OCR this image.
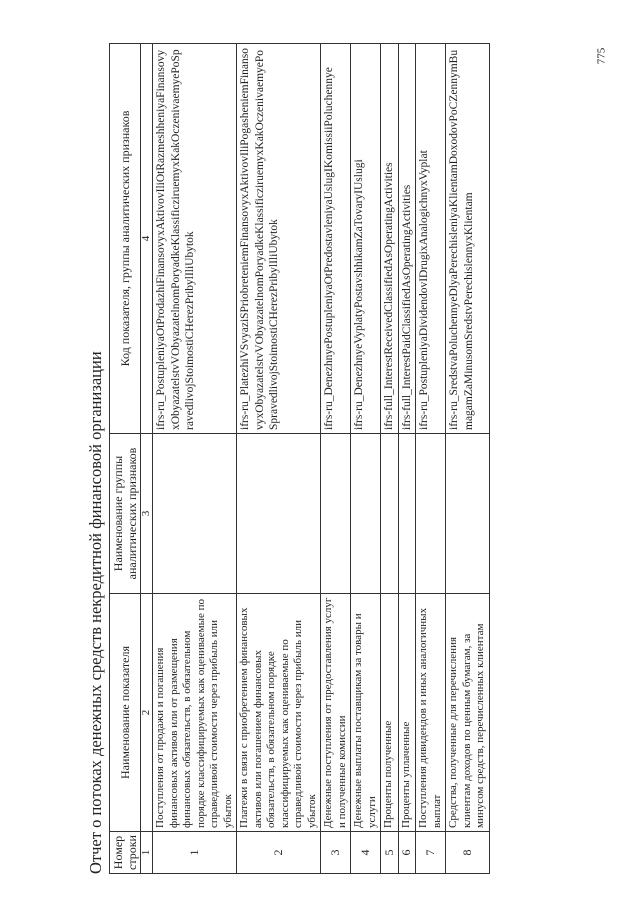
Отчет о потоках денежных средств некредитной финансовой организации Номер строки	Наименование показателя	Наименование группы аналитических признаков	Код показателя, группы аналитических признаков
1	2	3	4
1	Поступления от продажи и погашения финансовых активов или от размещения финансовых обязательств, в обязательном порядке классифицируемых как оцениваемые по справедливой стоимости через прибыль или убыток		ifrs-ru_PostupleniyaOtProdazhiFinansovyxAktivovIliOtRazmeshheniyaFinansovyxObyazatelstvVObyazatelnomPoryadkeKlassificziruemyxKakOczenivaemyePoSpravedlivojStoimostiCHerezPribylIliUbytok
2	Платежи в связи с приобретением финансовых активов или погашением финансовых обязательств, в обязательном порядке классифицируемых как оцениваемые по справедливой стоимости через прибыль или убыток		ifrs-ru_PlatezhiVSvyaziSPriobreteniemFinansovyxAktivovIliPogasheniemFinansovyxObyazatelstvVObyazatelnomPoryadkeKlassificziruemyxKakOczenivaemyePoSpravedlivojStoimostiCHerezPribylIliUbytok
3	Денежные поступления от предоставления услуг и полученные комиссии		ifrs-ru_DenezhnyePostupleniyaOtPredostavleniyaUslugIKomissiiPoluchennye
4	Денежные выплаты поставщикам за товары и услуги		ifrs-ru_DenezhnyeVyplatyPostavshhikamZaTovaryIUslugi
5	Проценты полученные		ifrs-full_InterestReceivedClassifiedAsOperatingActivities
6	Проценты уплаченные		ifrs-full_InterestPaidClassifiedAsOperatingActivities
7	Поступления дивидендов и иных аналогичных выплат		ifrs-ru_PostupleniyaDividendovIDrugixAnalogichnyxVyplat
8	Средства, полученные для перечисления клиентам доходов по ценным бумагам, за минусом средств, перечисленных клиентам		ifrs-ru_SredstvaPoluchennyeDlyaPerechisleniyaKlientamDoxodovPoCZennymBumagamZaMinusomSredstvPerechislennyxKlientam
775
